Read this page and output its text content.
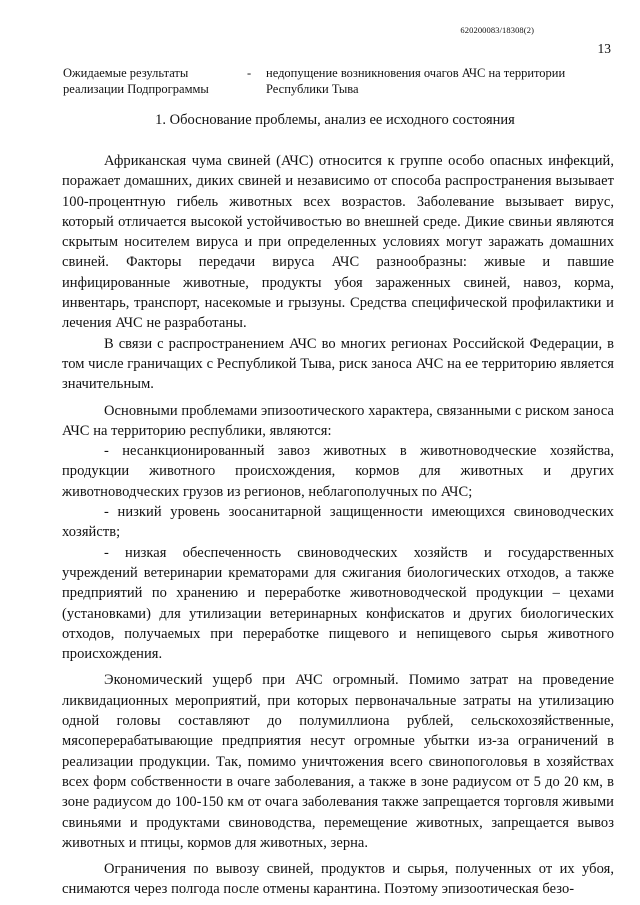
620200083/18308(2)
13
Ожидаемые результаты реализации Подпрограммы
- недопущение возникновения очагов АЧС на территории Республики Тыва
1. Обоснование проблемы, анализ ее исходного состояния

Африканская чума свиней (АЧС) относится к группе особо опасных инфекций, поражает домашних, диких свиней и независимо от способа распространения вызывает 100-процентную гибель животных всех возрастов. Заболевание вызывает вирус, который отличается высокой устойчивостью во внешней среде. Дикие свиньи являются скрытым носителем вируса и при определенных условиях могут заражать домашних свиней. Факторы передачи вируса АЧС разнообразны: живые и павшие инфицированные животные, продукты убоя зараженных свиней, навоз, корма, инвентарь, транспорт, насекомые и грызуны. Средства специфической профилактики и лечения АЧС не разработаны.

В связи с распространением АЧС во многих регионах Российской Федерации, в том числе граничащих с Республикой Тыва, риск заноса АЧС на ее территорию является значительным.

Основными проблемами эпизоотического характера, связанными с риском заноса АЧС на территорию республики, являются:

- несанкционированный завоз животных в животноводческие хозяйства, продукции животного происхождения, кормов для животных и других животноводческих грузов из регионов, неблагополучных по АЧС;

- низкий уровень зоосанитарной защищенности имеющихся свиноводческих хозяйств;

- низкая обеспеченность свиноводческих хозяйств и государственных учреждений ветеринарии крематорами для сжигания биологических отходов, а также предприятий по хранению и переработке животноводческой продукции – цехами (установками) для утилизации ветеринарных конфискатов и других биологических отходов, получаемых при переработке пищевого и непищевого сырья животного происхождения.

Экономический ущерб при АЧС огромный. Помимо затрат на проведение ликвидационных мероприятий, при которых первоначальные затраты на утилизацию одной головы составляют до полумиллиона рублей, сельскохозяйственные, мясоперерабатывающие предприятия несут огромные убытки из-за ограничений в реализации продукции. Так, помимо уничтожения всего свинопоголовья в хозяйствах всех форм собственности в очаге заболевания, а также в зоне радиусом от 5 до 20 км, в зоне радиусом до 100-150 км от очага заболевания также запрещается торговля живыми свиньями и продуктами свиноводства, перемещение животных, запрещается вывоз животных и птицы, кормов для животных, зерна.

Ограничения по вывозу свиней, продуктов и сырья, полученных от их убоя, снимаются через полгода после отмены карантина. Поэтому эпизоотическая безо-
